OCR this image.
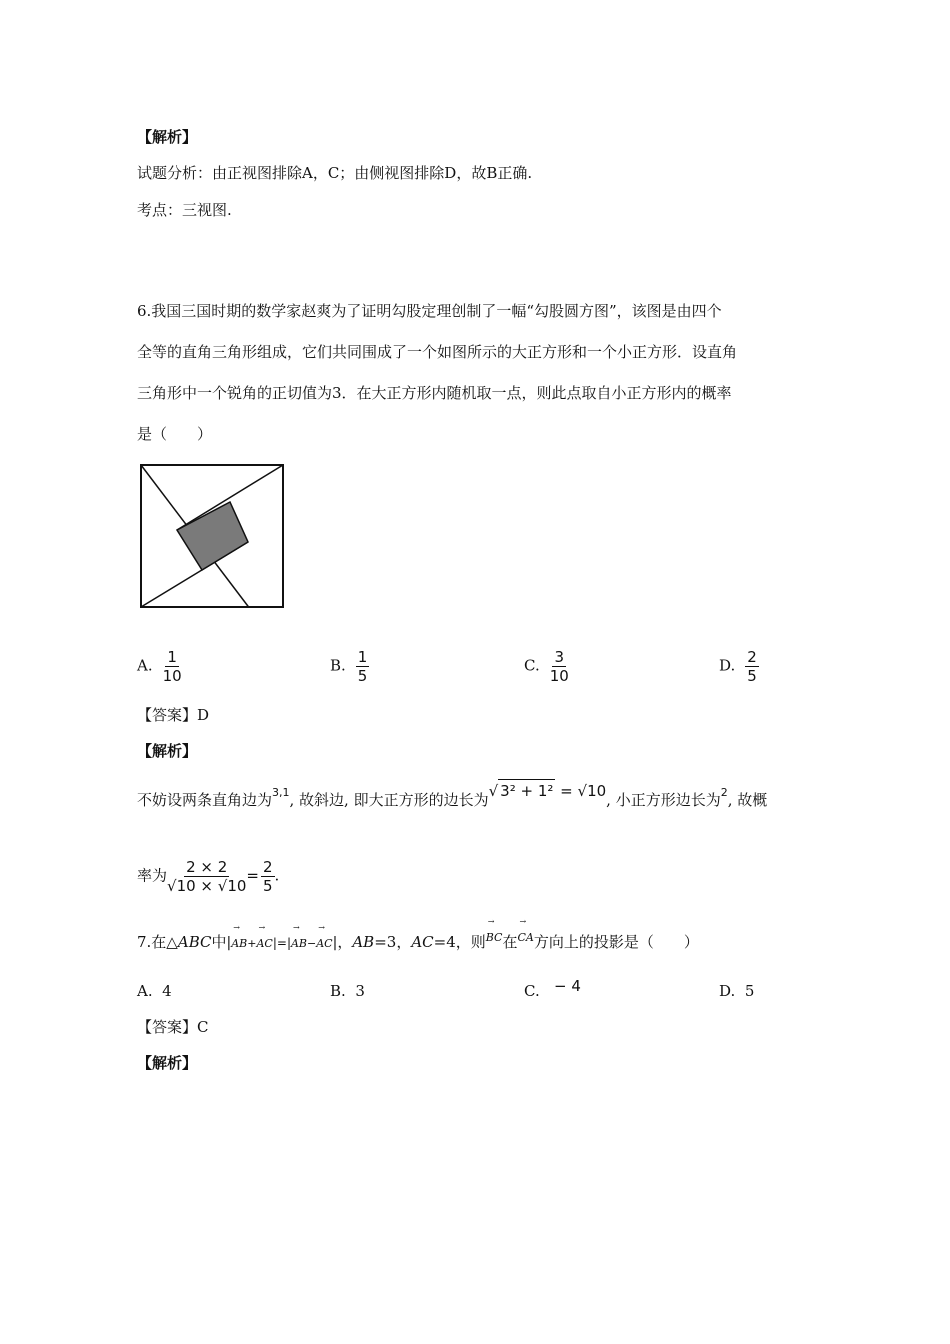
【解析】
试题分析：由正视图排除A，C；由侧视图排除D，故B正确.
考点：三视图.
6.我国三国时期的数学家赵爽为了证明勾股定理创制了一幅“勾股圆方图”，该图是由四个
全等的直角三角形组成，它们共同围成了一个如图所示的大正方形和一个小正方形．设直角
三角形中一个锐角的正切值为3．在大正方形内随机取一点，则此点取自小正方形内的概率
是（　　）
A. $\frac{1}{10}$	B. $\frac{1}{5}$	C. $\frac{3}{10}$	D. $\frac{2}{5}$
【答案】D
【解析】
不妨设两条直角边为$^{3,1}$, 故斜边, 即大正方形的边长为√ 3² + 1² = √10, 小正方形边长为$^2$, 故概
率为 $\frac{2 \times 2}{√10 \times √10} = \frac{2}{5}$ .
7.在△ABC中|→ AB+→ AC|=|→ AB−→ AC|，AB=3，AC=4，则→ BC在→ CA方向上的投影是（　　）
A. 4	B. 3	C. − 4	D. 5
【答案】C
【解析】
